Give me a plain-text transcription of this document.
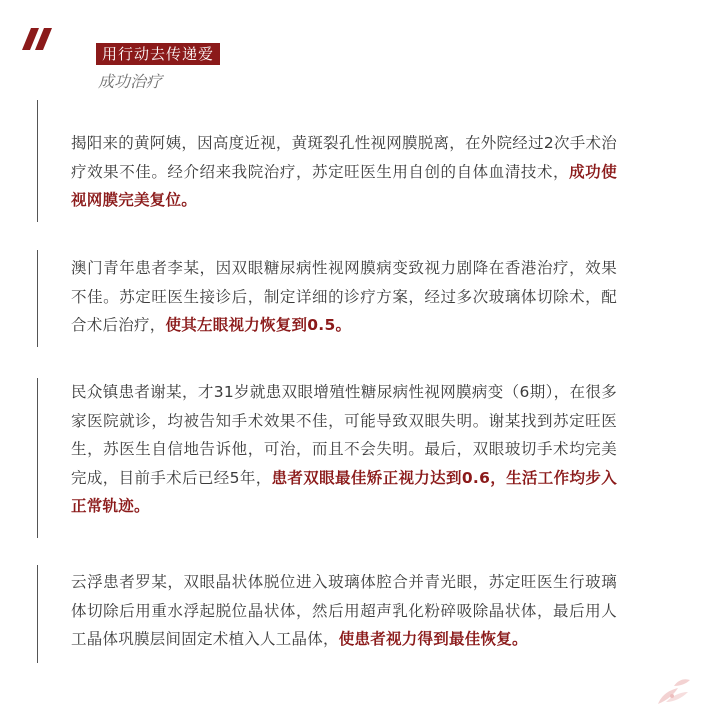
用行动去传递爱
成功治疗

揭阳来的黄阿姨，因高度近视，黄斑裂孔性视网膜脱离，在外院经过2次手术治疗效果不佳。经介绍来我院治疗，苏定旺医生用自创的自体血清技术，成功使视网膜完美复位。

澳门青年患者李某，因双眼糖尿病性视网膜病变致视力剧降在香港治疗，效果不佳。苏定旺医生接诊后，制定详细的诊疗方案，经过多次玻璃体切除术，配合术后治疗，使其左眼视力恢复到0.5。

民众镇患者谢某，才31岁就患双眼增殖性糖尿病性视网膜病变（6期），在很多家医院就诊，均被告知手术效果不佳，可能导致双眼失明。谢某找到苏定旺医生，苏医生自信地告诉他，可治，而且不会失明。最后，双眼玻切手术均完美完成，目前手术后已经5年，患者双眼最佳矫正视力达到0.6，生活工作均步入正常轨迹。

云浮患者罗某，双眼晶状体脱位进入玻璃体腔合并青光眼，苏定旺医生行玻璃体切除后用重水浮起脱位晶状体，然后用超声乳化粉碎吸除晶状体，最后用人工晶体巩膜层间固定术植入人工晶体，使患者视力得到最佳恢复。
